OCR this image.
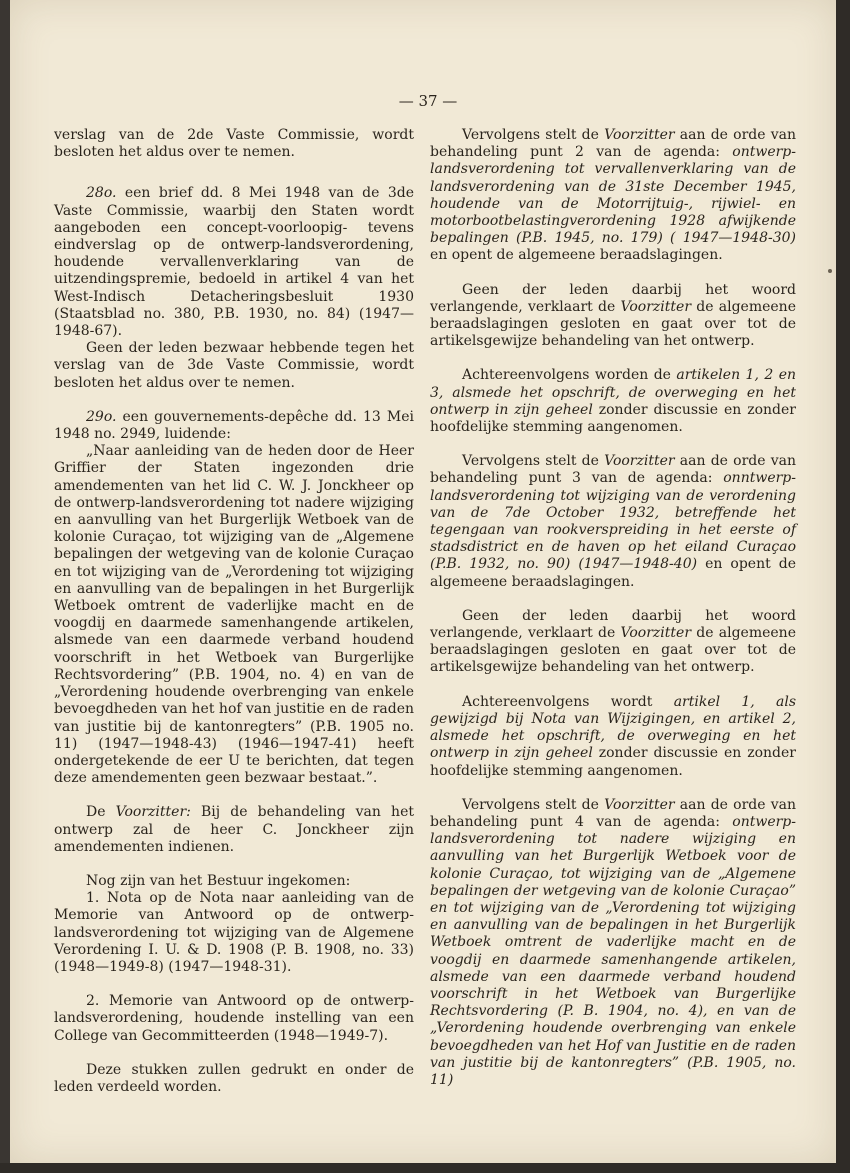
— 37 —

verslag van de 2de Vaste Commissie, wordt besloten het aldus over te nemen.

28o. een brief dd. 8 Mei 1948 van de 3de Vaste Commissie, waarbij den Staten wordt aangeboden een concept-voorloopig- tevens eindverslag op de ontwerp-landsverordening, houdende vervallenverklaring van de uitzendingspremie, bedoeld in artikel 4 van het West-Indisch Detacheringsbesluit 1930 (Staatsblad no. 380, P.B. 1930, no. 84) (1947—1948-67).

Geen der leden bezwaar hebbende tegen het verslag van de 3de Vaste Commissie, wordt besloten het aldus over te nemen.

29o. een gouvernements-depêche dd. 13 Mei 1948 no. 2949, luidende:

„Naar aanleiding van de heden door de Heer Griffier der Staten ingezonden drie amendementen van het lid C. W. J. Jonckheer op de ontwerp-landsverordening tot nadere wijziging en aanvulling van het Burgerlijk Wetboek van de kolonie Curaçao, tot wijziging van de „Algemene bepalingen der wetgeving van de kolonie Curaçao en tot wijziging van de „Verordening tot wijziging en aanvulling van de bepalingen in het Burgerlijk Wetboek omtrent de vaderlijke macht en de voogdij en daarmede samenhangende artikelen, alsmede van een daarmede verband houdend voorschrift in het Wetboek van Burgerlijke Rechtsvordering” (P.B. 1904, no. 4) en van de „Verordening houdende overbrenging van enkele bevoegdheden van het hof van justitie en de raden van justitie bij de kantonregters” (P.B. 1905 no. 11) (1947—1948-43) (1946—1947-41) heeft ondergetekende de eer U te berichten, dat tegen deze amendementen geen bezwaar bestaat.”.

De Voorzitter: Bij de behandeling van het ontwerp zal de heer C. Jonckheer zijn amendementen indienen.

Nog zijn van het Bestuur ingekomen:

1. Nota op de Nota naar aanleiding van de Memorie van Antwoord op de ontwerp-landsverordening tot wijziging van de Algemene Verordening I. U. & D. 1908 (P. B. 1908, no. 33) (1948—1949-8) (1947—1948-31).

2. Memorie van Antwoord op de ontwerp-landsverordening, houdende instelling van een College van Gecommitteerden (1948—1949-7).

Deze stukken zullen gedrukt en onder de leden verdeeld worden.

Vervolgens stelt de Voorzitter aan de orde van behandeling punt 2 van de agenda: ontwerp-landsverordening tot vervallenverklaring van de landsverordening van de 31ste December 1945, houdende van de Motorrijtuig-, rijwiel- en motorbootbelastingverordening 1928 afwijkende bepalingen (P.B. 1945, no. 179) ( 1947—1948-30) en opent de algemeene beraadslagingen.

Geen der leden daarbij het woord verlangende, verklaart de Voorzitter de algemeene beraadslagingen gesloten en gaat over tot de artikelsgewijze behandeling van het ontwerp.

Achtereenvolgens worden de artikelen 1, 2 en 3, alsmede het opschrift, de overweging en het ontwerp in zijn geheel zonder discussie en zonder hoofdelijke stemming aangenomen.

Vervolgens stelt de Voorzitter aan de orde van behandeling punt 3 van de agenda: onntwerp-landsverordening tot wijziging van de verordening van de 7de October 1932, betreffende het tegengaan van rookverspreiding in het eerste of stadsdistrict en de haven op het eiland Curaçao (P.B. 1932, no. 90) (1947—1948-40) en opent de algemeene beraadslagingen.

Geen der leden daarbij het woord verlangende, verklaart de Voorzitter de algemeene beraadslagingen gesloten en gaat over tot de artikelsgewijze behandeling van het ontwerp.

Achtereenvolgens wordt artikel 1, als gewijzigd bij Nota van Wijzigingen, en artikel 2, alsmede het opschrift, de overweging en het ontwerp in zijn geheel zonder discussie en zonder hoofdelijke stemming aangenomen.

Vervolgens stelt de Voorzitter aan de orde van behandeling punt 4 van de agenda: ontwerp-landsverordening tot nadere wijziging en aanvulling van het Burgerlijk Wetboek voor de kolonie Curaçao, tot wijziging van de „Algemene bepalingen der wetgeving van de kolonie Curaçao” en tot wijziging van de „Verordening tot wijziging en aanvulling van de bepalingen in het Burgerlijk Wetboek omtrent de vaderlijke macht en de voogdij en daarmede samenhangende artikelen, alsmede van een daarmede verband houdend voorschrift in het Wetboek van Burgerlijke Rechtsvordering (P. B. 1904, no. 4), en van de „Verordening houdende overbrenging van enkele bevoegdheden van het Hof van Justitie en de raden van justitie bij de kantonregters” (P.B. 1905, no. 11)
